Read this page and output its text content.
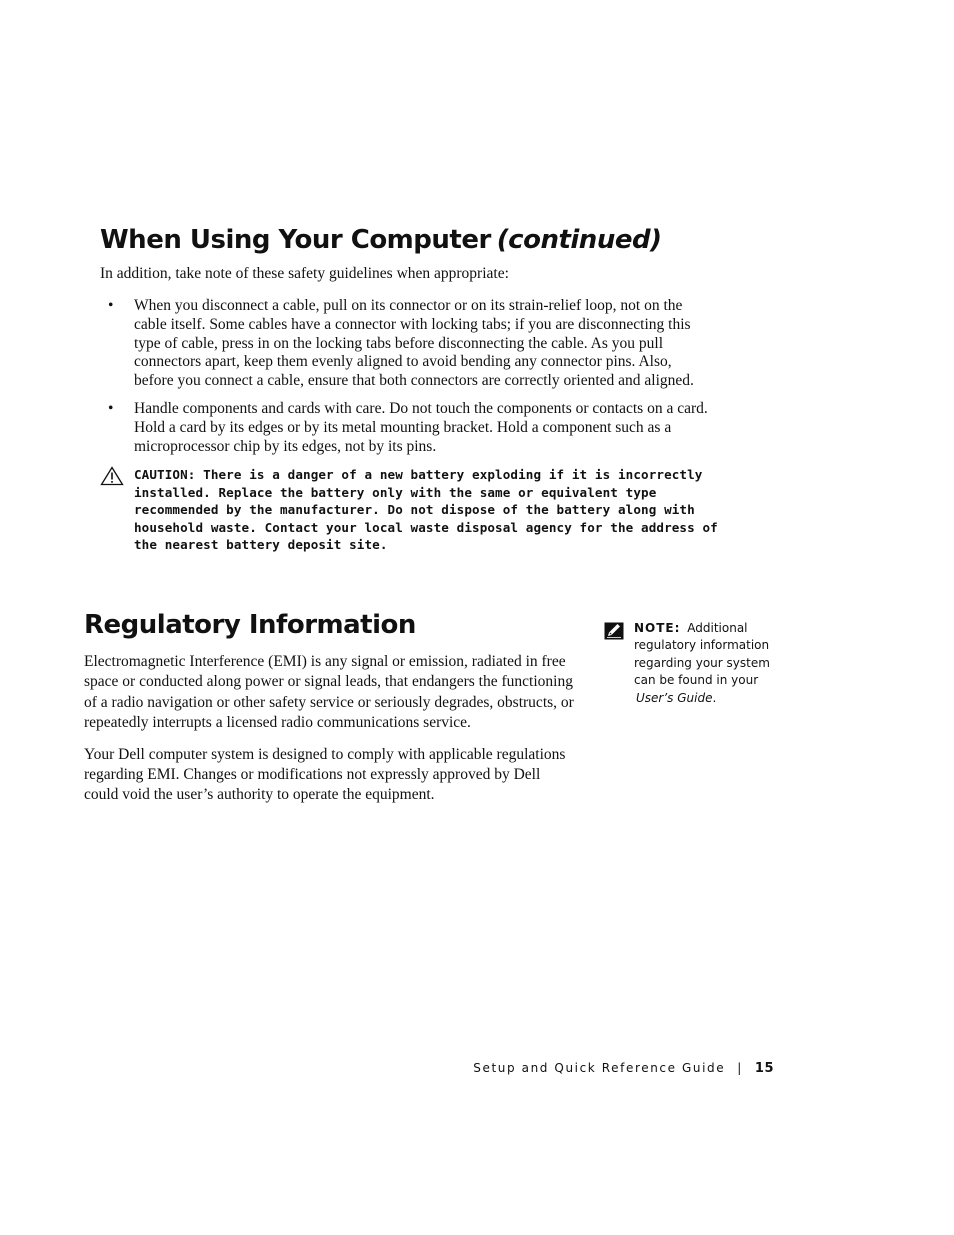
When Using Your Computer (continued)

In addition, take note of these safety guidelines when appropriate:

• When you disconnect a cable, pull on its connector or on its strain-relief loop, not on the cable itself. Some cables have a connector with locking tabs; if you are disconnecting this type of cable, press in on the locking tabs before disconnecting the cable. As you pull connectors apart, keep them evenly aligned to avoid bending any connector pins. Also, before you connect a cable, ensure that both connectors are correctly oriented and aligned.
• Handle components and cards with care. Do not touch the components or contacts on a card. Hold a card by its edges or by its metal mounting bracket. Hold a component such as a microprocessor chip by its edges, not by its pins.
CAUTION: There is a danger of a new battery exploding if it is incorrectly installed. Replace the battery only with the same or equivalent type recommended by the manufacturer. Do not dispose of the battery along with household waste. Contact your local waste disposal agency for the address of the nearest battery deposit site.
Regulatory Information

Electromagnetic Interference (EMI) is any signal or emission, radiated in free space or conducted along power or signal leads, that endangers the functioning of a radio navigation or other safety service or seriously degrades, obstructs, or repeatedly interrupts a licensed radio communications service.

Your Dell computer system is designed to comply with applicable regulations regarding EMI. Changes or modifications not expressly approved by Dell could void the user’s authority to operate the equipment.

NOTE: Additional regulatory information regarding your system can be found in your
User’s Guide.
Setup and Quick Reference Guide | 15
